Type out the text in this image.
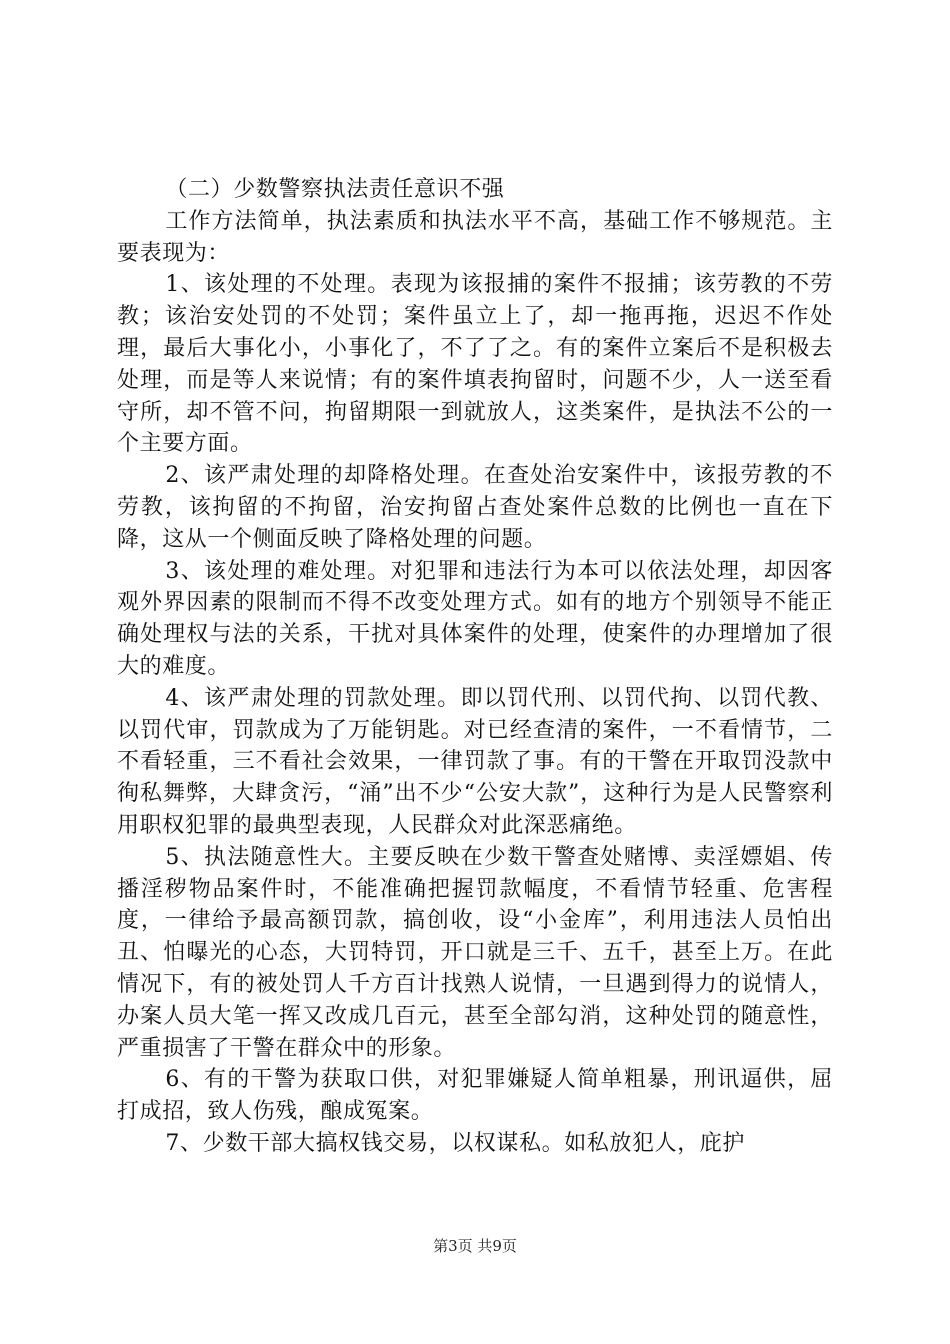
（二）少数警察执法责任意识不强

工作方法简单，执法素质和执法水平不高，基础工作不够规范。主要表现为：

1、该处理的不处理。表现为该报捕的案件不报捕；该劳教的不劳教；该治安处罚的不处罚；案件虽立上了，却一拖再拖，迟迟不作处理，最后大事化小，小事化了，不了了之。有的案件立案后不是积极去处理，而是等人来说情；有的案件填表拘留时，问题不少，人一送至看守所，却不管不问，拘留期限一到就放人，这类案件，是执法不公的一个主要方面。

2、该严肃处理的却降格处理。在查处治安案件中，该报劳教的不劳教，该拘留的不拘留，治安拘留占查处案件总数的比例也一直在下降，这从一个侧面反映了降格处理的问题。

3、该处理的难处理。对犯罪和违法行为本可以依法处理，却因客观外界因素的限制而不得不改变处理方式。如有的地方个别领导不能正确处理权与法的关系，干扰对具体案件的处理，使案件的办理增加了很大的难度。

4、该严肃处理的罚款处理。即以罚代刑、以罚代拘、以罚代教、以罚代审，罚款成为了万能钥匙。对已经查清的案件，一不看情节，二不看轻重，三不看社会效果，一律罚款了事。有的干警在开取罚没款中徇私舞弊，大肆贪污，“涌”出不少“公安大款”，这种行为是人民警察利用职权犯罪的最典型表现，人民群众对此深恶痛绝。

5、执法随意性大。主要反映在少数干警查处赌博、卖淫嫖娼、传播淫秽物品案件时，不能准确把握罚款幅度，不看情节轻重、危害程度，一律给予最高额罚款，搞创收，设“小金库”，利用违法人员怕出丑、怕曝光的心态，大罚特罚，开口就是三千、五千，甚至上万。在此情况下，有的被处罚人千方百计找熟人说情，一旦遇到得力的说情人，办案人员大笔一挥又改成几百元，甚至全部勾消，这种处罚的随意性，严重损害了干警在群众中的形象。

6、有的干警为获取口供，对犯罪嫌疑人简单粗暴，刑讯逼供，屈打成招，致人伤残，酿成冤案。

7、少数干部大搞权钱交易，以权谋私。如私放犯人，庇护

第3页 共9页
